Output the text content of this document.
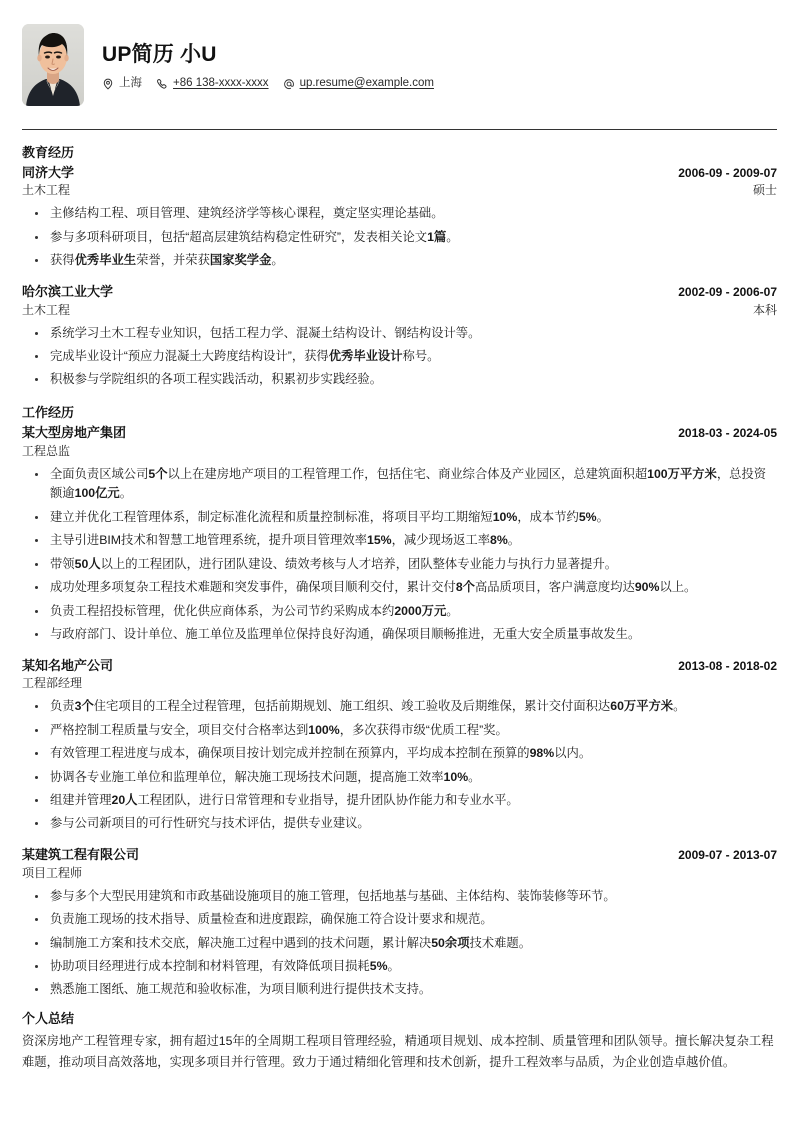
UP简历 小U
上海	+86 138-xxxx-xxxx	up.resume@example.com
教育经历
同济大学	2006-09 - 2009-07
土木工程	硕士
主修结构工程、项目管理、建筑经济学等核心课程，奠定坚实理论基础。
参与多项科研项目，包括“超高层建筑结构稳定性研究”，发表相关论文1篇。
获得优秀毕业生荣誉，并荣获国家奖学金。
哈尔滨工业大学	2002-09 - 2006-07
土木工程	本科
系统学习土木工程专业知识，包括工程力学、混凝土结构设计、钢结构设计等。
完成毕业设计“预应力混凝土大跨度结构设计”，获得优秀毕业设计称号。
积极参与学院组织的各项工程实践活动，积累初步实践经验。
工作经历
某大型房地产集团	2018-03 - 2024-05
工程总监
全面负责区域公司5个以上在建房地产项目的工程管理工作，包括住宅、商业综合体及产业园区，总建筑面积超100万平方米，总投资额逾100亿元。
建立并优化工程管理体系，制定标准化流程和质量控制标准，将项目平均工期缩短10%，成本节约5%。
主导引进BIM技术和智慧工地管理系统，提升项目管理效率15%，减少现场返工率8%。
带领50人以上的工程团队，进行团队建设、绩效考核与人才培养，团队整体专业能力与执行力显著提升。
成功处理多项复杂工程技术难题和突发事件，确保项目顺利交付，累计交付8个高品质项目，客户满意度均达90%以上。
负责工程招投标管理，优化供应商体系，为公司节约采购成本约2000万元。
与政府部门、设计单位、施工单位及监理单位保持良好沟通，确保项目顺畅推进，无重大安全质量事故发生。
某知名地产公司	2013-08 - 2018-02
工程部经理
负责3个住宅项目的工程全过程管理，包括前期规划、施工组织、竣工验收及后期维保，累计交付面积达60万平方米。
严格控制工程质量与安全，项目交付合格率达到100%，多次获得市级“优质工程”奖。
有效管理工程进度与成本，确保项目按计划完成并控制在预算内，平均成本控制在预算的98%以内。
协调各专业施工单位和监理单位，解决施工现场技术问题，提高施工效率10%。
组建并管理20人工程团队，进行日常管理和专业指导，提升团队协作能力和专业水平。
参与公司新项目的可行性研究与技术评估，提供专业建议。
某建筑工程有限公司	2009-07 - 2013-07
项目工程师
参与多个大型民用建筑和市政基础设施项目的施工管理，包括地基与基础、主体结构、装饰装修等环节。
负责施工现场的技术指导、质量检查和进度跟踪，确保施工符合设计要求和规范。
编制施工方案和技术交底，解决施工过程中遇到的技术问题，累计解决50余项技术难题。
协助项目经理进行成本控制和材料管理，有效降低项目损耗5%。
熟悉施工图纸、施工规范和验收标准，为项目顺利进行提供技术支持。
个人总结

资深房地产工程管理专家，拥有超过15年的全周期工程项目管理经验，精通项目规划、成本控制、质量管理和团队领导。擅长解决复杂工程难题，推动项目高效落地，实现多项目并行管理。致力于通过精细化管理和技术创新，提升工程效率与品质，为企业创造卓越价值。
